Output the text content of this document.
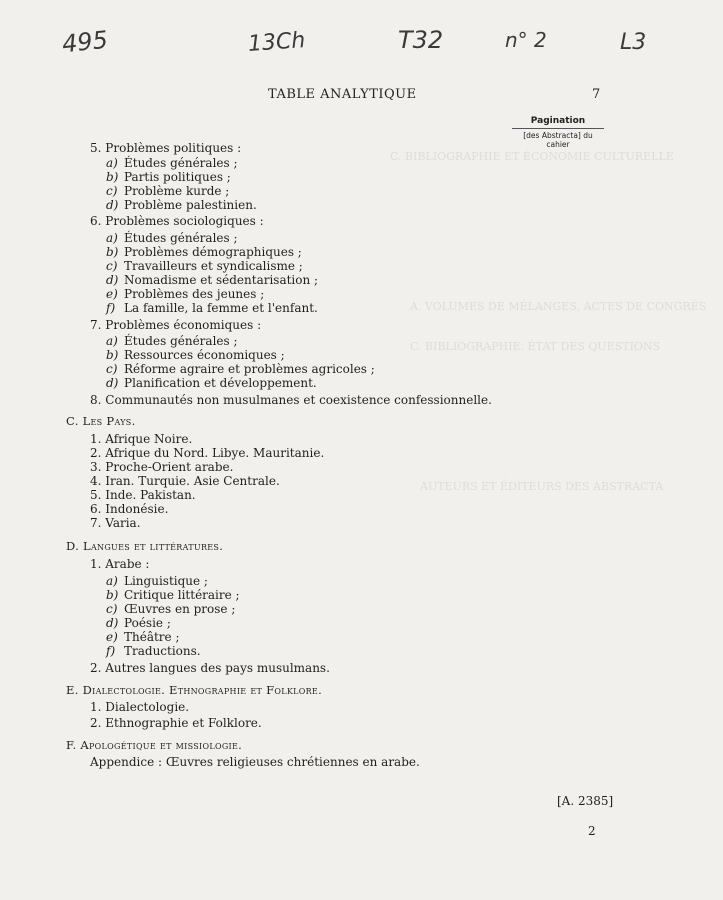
C. BIBLIOGRAPHIE ET ÉCONOMIE CULTURELLE
A. VOLUMES DE MÉLANGES, ACTES DE CONGRÈS
C. BIBLIOGRAPHIE. ÉTAT DES QUESTIONS
AUTEURS ET ÉDITEURS DES ABSTRACTA
495	13Ch	T32	n° 2	L3
TABLE ANALYTIQUE	7
Pagination
[des Abstracta] du cahier
5. Problèmes politiques :
a) Études générales ;
b) Partis politiques ;
c) Problème kurde ;
d) Problème palestinien.
6. Problèmes sociologiques :
a) Études générales ;
b) Problèmes démographiques ;
c) Travailleurs et syndicalisme ;
d) Nomadisme et sédentarisation ;
e) Problèmes des jeunes ;
f) La famille, la femme et l'enfant.
7. Problèmes économiques :
a) Études générales ;
b) Ressources économiques ;
c) Réforme agraire et problèmes agricoles ;
d) Planification et développement.
8. Communautés non musulmanes et coexistence confessionnelle.
C. Les Pays.
1. Afrique Noire.
2. Afrique du Nord. Libye. Mauritanie.
3. Proche-Orient arabe.
4. Iran. Turquie. Asie Centrale.
5. Inde. Pakistan.
6. Indonésie.
7. Varia.
D. Langues et littératures.
1. Arabe :
a) Linguistique ;
b) Critique littéraire ;
c) Œuvres en prose ;
d) Poésie ;
e) Théâtre ;
f) Traductions.
2. Autres langues des pays musulmans.
E. Dialectologie. Ethnographie et Folklore.
1. Dialectologie.
2. Ethnographie et Folklore.
F. Apologétique et missiologie.
Appendice : Œuvres religieuses chrétiennes en arabe.
[A. 2385]
2
